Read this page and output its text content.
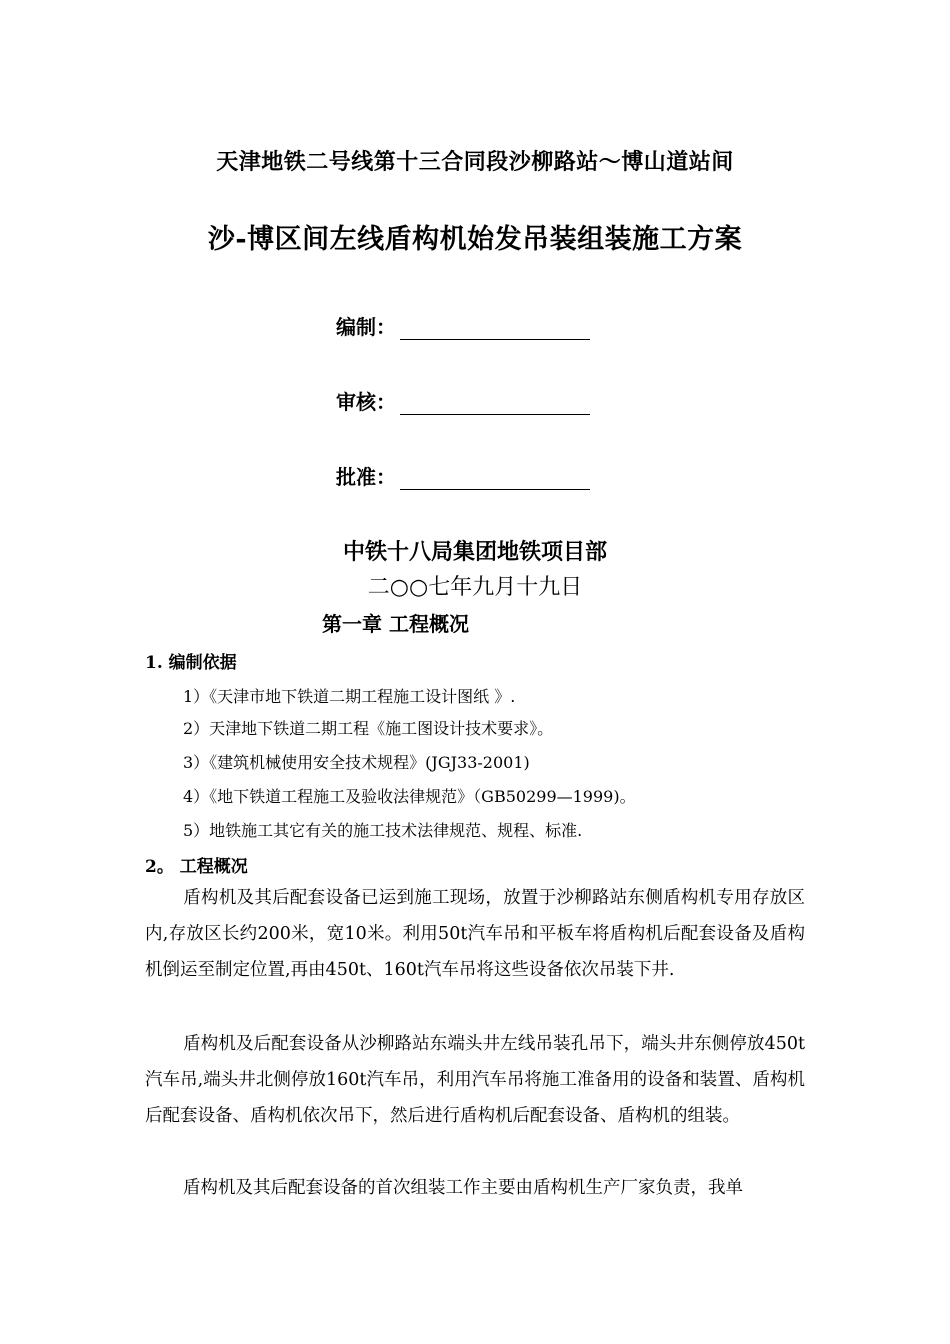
天津地铁二号线第十三合同段沙柳路站～博山道站间
沙-博区间左线盾构机始发吊装组装施工方案
编制：
审核：
批准：
中铁十八局集团地铁项目部
二○○七年九月十九日
第一章 工程概况
1. 编制依据
1）《天津市地下铁道二期工程施工设计图纸 》.
2）天津地下铁道二期工程《施工图设计技术要求》。
3）《建筑机械使用安全技术规程》(JGJ33-2001)
4）《地下铁道工程施工及验收法律规范》（GB50299—1999)。
5）地铁施工其它有关的施工技术法律规范、规程、标准.
2。 工程概况
盾构机及其后配套设备已运到施工现场，放置于沙柳路站东侧盾构机专用存放区内,存放区长约200米，宽10米。利用50t汽车吊和平板车将盾构机后配套设备及盾构机倒运至制定位置,再由450t、160t汽车吊将这些设备依次吊装下井.
盾构机及后配套设备从沙柳路站东端头井左线吊装孔吊下，端头井东侧停放450t汽车吊,端头井北侧停放160t汽车吊，利用汽车吊将施工准备用的设备和装置、盾构机后配套设备、盾构机依次吊下，然后进行盾构机后配套设备、盾构机的组装。
盾构机及其后配套设备的首次组装工作主要由盾构机生产厂家负责，我单
